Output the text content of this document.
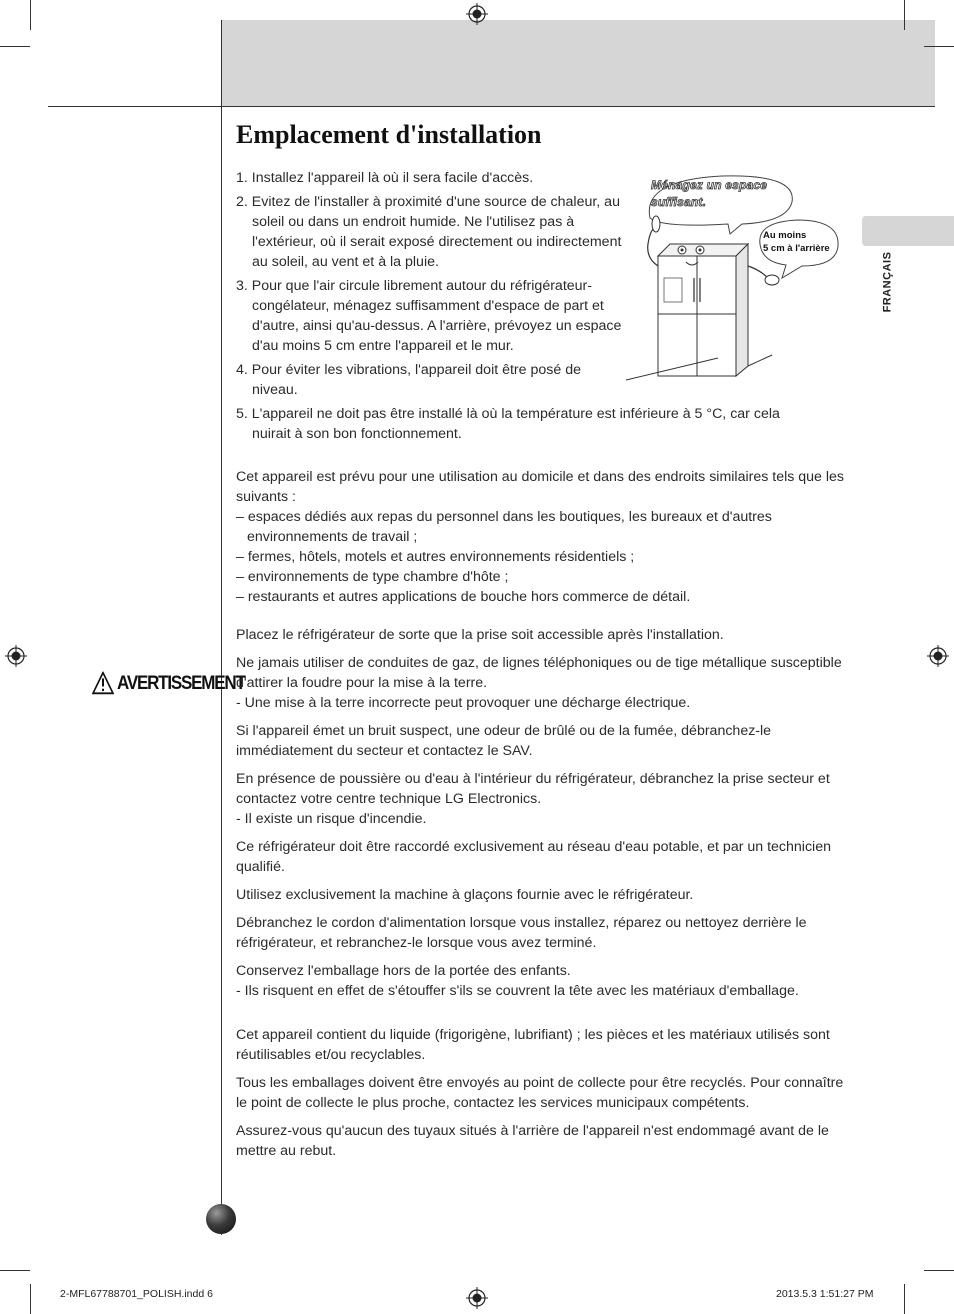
FRANÇAIS
Emplacement d'installation
1. Installez l'appareil là où il sera facile d'accès.
2. Evitez de l'installer à proximité d'une source de chaleur, au soleil ou dans un endroit humide. Ne l'utilisez pas à l'extérieur, où il serait exposé directement ou indirectement au soleil, au vent et à la pluie.
3. Pour que l'air circule librement autour du réfrigérateur-congélateur, ménagez suffisamment d'espace de part et d'autre, ainsi qu'au-dessus. A l'arrière, prévoyez un espace d'au moins 5 cm entre l'appareil et le mur.
4. Pour éviter les vibrations, l'appareil doit être posé de niveau.
5. L'appareil ne doit pas être installé là où la température est inférieure à 5 °C, car cela nuirait à son bon fonctionnement.
Ménagez un espace suffisant.
Au moins
5 cm à l'arrière
Cet appareil est prévu pour une utilisation au domicile et dans des endroits similaires tels que les suivants :
– espaces dédiés aux repas du personnel dans les boutiques, les bureaux et d'autres environnements de travail ;
– fermes, hôtels, motels et autres environnements résidentiels ;
– environnements de type chambre d'hôte ;
– restaurants et autres applications de bouche hors commerce de détail.
Placez le réfrigérateur de sorte que la prise soit accessible après l'installation.
AVERTISSEMENT

Ne jamais utiliser de conduites de gaz, de lignes téléphoniques ou de tige métallique susceptible d'attirer la foudre pour la mise à la terre.
- Une mise à la terre incorrecte peut provoquer une décharge électrique.

Si l'appareil émet un bruit suspect, une odeur de brûlé ou de la fumée, débranchez-le immédiatement du secteur et contactez le SAV.

En présence de poussière ou d'eau à l'intérieur du réfrigérateur, débranchez la prise secteur et contactez votre centre technique LG Electronics.
- Il existe un risque d'incendie.

Ce réfrigérateur doit être raccordé exclusivement au réseau d'eau potable, et par un technicien qualifié.

Utilisez exclusivement la machine à glaçons fournie avec le réfrigérateur.

Débranchez le cordon d'alimentation lorsque vous installez, réparez ou nettoyez derrière le réfrigérateur, et rebranchez-le lorsque vous avez terminé.

Conservez l'emballage hors de la portée des enfants.
- Ils risquent en effet de s'étouffer s'ils se couvrent la tête avec les matériaux d'emballage.

Cet appareil contient du liquide (frigorigène, lubrifiant) ; les pièces et les matériaux utilisés sont réutilisables et/ou recyclables.

Tous les emballages doivent être envoyés au point de collecte pour être recyclés. Pour connaître le point de collecte le plus proche, contactez les services municipaux compétents.

Assurez-vous qu'aucun des tuyaux situés à l'arrière de l'appareil n'est endommagé avant de le mettre au rebut.

2-MFL67788701_POLISH.indd 6	2013.5.3 1:51:27 PM
